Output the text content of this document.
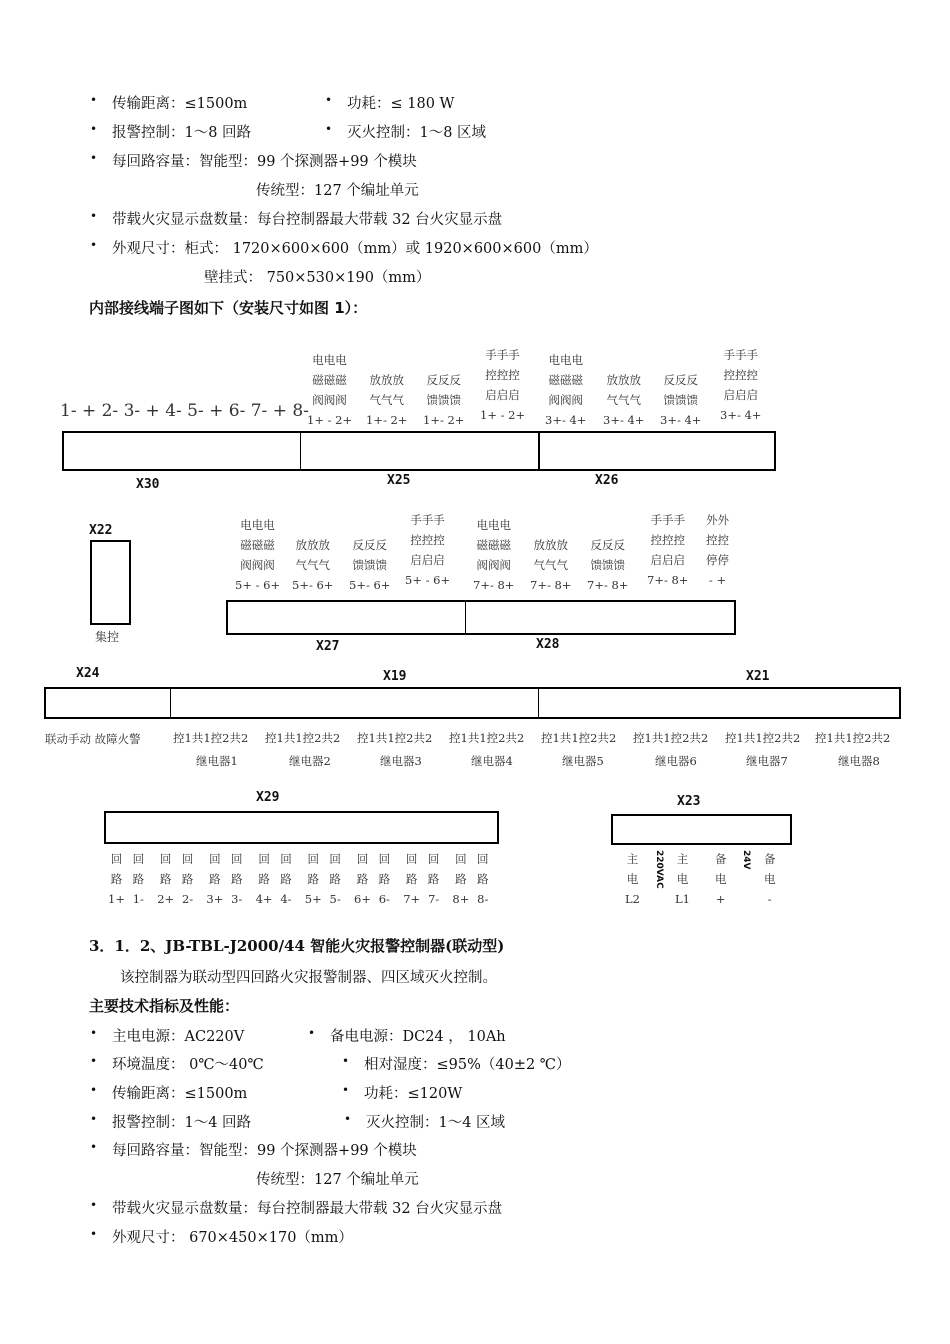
• 传输距离：≤1500m	• 功耗：≤ 180 W
• 报警控制：1～8 回路	• 灭火控制：1～8 区域
• 每回路容量：智能型：99 个探测器+99 个模块
传统型：127 个编址单元
• 带载火灾显示盘数量：每台控制器最大带载 32 台火灾显示盘
• 外观尺寸：柜式： 1720×600×600（mm）或 1920×600×600（mm）
壁挂式： 750×530×190（mm）
内部接线端子图如下（安装尺寸如图 1）：
1- + 2- 3- + 4- 5- + 6- 7- + 8-
电电电
磁磁磁
阀阀阀
1+ - 2+
放放放
气气气
1+- 2+
反反反
馈馈馈
1+- 2+
手手手
控控控
启启启
1+ - 2+
电电电
磁磁磁
阀阀阀
3+- 4+
放放放
气气气
3+- 4+
反反反
馈馈馈
3+- 4+
手手手
控控控
启启启
3+- 4+
X30	X25	X26
X22
集控
电电电
磁磁磁
阀阀阀
5+ - 6+
放放放
气气气
5+- 6+
反反反
馈馈馈
5+- 6+
手手手
控控控
启启启
5+ - 6+
电电电
磁磁磁
阀阀阀
7+- 8+
放放放
气气气
7+- 8+
反反反
馈馈馈
7+- 8+
手手手
控控控
启启启
7+- 8+
外外
控控
停停
- +
X27	X28
X24	X19	X21
联动手动 故障火警	控1共1控2共2 控1共1控2共2 控1共1控2共2 控1共1控2共2 控1共1控2共2 控1共1控2共2 控1共1控2共2 控1共1控2共2
继电器1	继电器2	继电器3	继电器4	继电器5	继电器6	继电器7	继电器8
X29
回
路
1+
回
路
1-
回
路
2+
回
路
2-
回
路
3+
回
路
3-
回
路
4+
回
路
4-
回
路
5+
回
路
5-
回
路
6+
回
路
6-
回
路
7+
回
路
7-
回
路
8+
回
路
8-
X23
主
电
L2
220VAC 主
电
L1
备
电
+
24V 备
电
-
3．1．2、JB-TBL-J2000/44 智能火灾报警控制器(联动型)
该控制器为联动型四回路火灾报警制器、四区域灭火控制。
主要技术指标及性能：
• 主电电源：AC220V	• 备电电源：DC24 ， 10Ah
• 环境温度： 0℃～40℃	• 相对湿度：≤95%（40±2 ℃）
• 传输距离：≤1500m	• 功耗：≤120W
• 报警控制：1～4 回路	• 灭火控制：1～4 区域
• 每回路容量：智能型：99 个探测器+99 个模块
传统型：127 个编址单元
• 带载火灾显示盘数量：每台控制器最大带载 32 台火灾显示盘
• 外观尺寸： 670×450×170（mm）
